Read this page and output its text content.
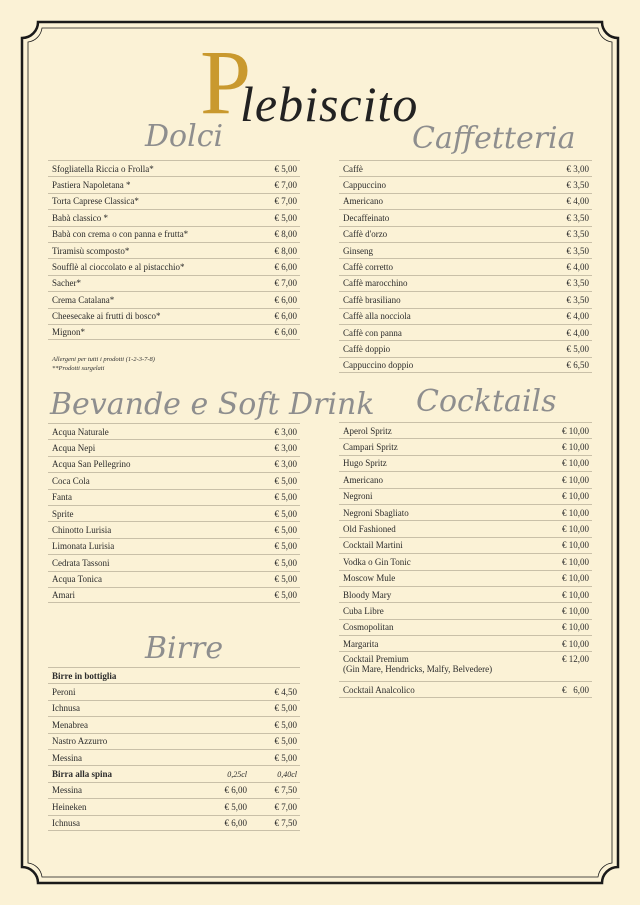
P
lebiscito
Dolci
Sfogliatella Riccia o Frolla*	€ 5,00
Pastiera Napoletana *	€ 7,00
Torta Caprese Classica*	€ 7,00
Babà classico *	€ 5,00
Babà con crema o con panna e frutta*	€ 8,00
Tiramisù scomposto*	€ 8,00
Soufflè al cioccolato e al pistacchio*	€ 6,00
Sacher*	€ 7,00
Crema Catalana*	€ 6,00
Cheesecake ai frutti di bosco*	€ 6,00
Mignon*	€ 6,00
Allergeni per tutti i prodotti (1-2-3-7-8)
**Prodotti surgelati
Caffetteria
Caffè	€ 3,00
Cappuccino	€ 3,50
Americano	€ 4,00
Decaffeinato	€ 3,50
Caffè d'orzo	€ 3,50
Ginseng	€ 3,50
Caffè corretto	€ 4,00
Caffè marocchino	€ 3,50
Caffè brasiliano	€ 3,50
Caffè alla nocciola	€ 4,00
Caffè con panna	€ 4,00
Caffè doppio	€ 5,00
Cappuccino doppio	€ 6,50
Bevande e Soft Drink
Acqua Naturale	€ 3,00
Acqua Nepi	€ 3,00
Acqua San Pellegrino	€ 3,00
Coca Cola	€ 5,00
Fanta	€ 5,00
Sprite	€ 5,00
Chinotto Lurisia	€ 5,00
Limonata Lurisia	€ 5,00
Cedrata Tassoni	€ 5,00
Acqua Tonica	€ 5,00
Amari	€ 5,00
Cocktails
Aperol Spritz	€ 10,00
Campari Spritz	€ 10,00
Hugo Spritz	€ 10,00
Americano	€ 10,00
Negroni	€ 10,00
Negroni Sbagliato	€ 10,00
Old Fashioned	€ 10,00
Cocktail Martini	€ 10,00
Vodka o Gin Tonic	€ 10,00
Moscow Mule	€ 10,00
Bloody Mary	€ 10,00
Cuba Libre	€ 10,00
Cosmopolitan	€ 10,00
Margarita	€ 10,00
Cocktail Premium
(Gin Mare, Hendricks, Malfy, Belvedere)
€ 12,00
Cocktail Analcolico	€   6,00
Birre
Birre in bottiglia
Peroni	€ 4,50
Ichnusa	€ 5,00
Menabrea	€ 5,00
Nastro Azzurro	€ 5,00
Messina	€ 5,00
Birra alla spina	0,25cl	0,40cl
Messina	€ 6,00	€ 7,50
Heineken	€ 5,00	€ 7,00
Ichnusa	€ 6,00	€ 7,50
